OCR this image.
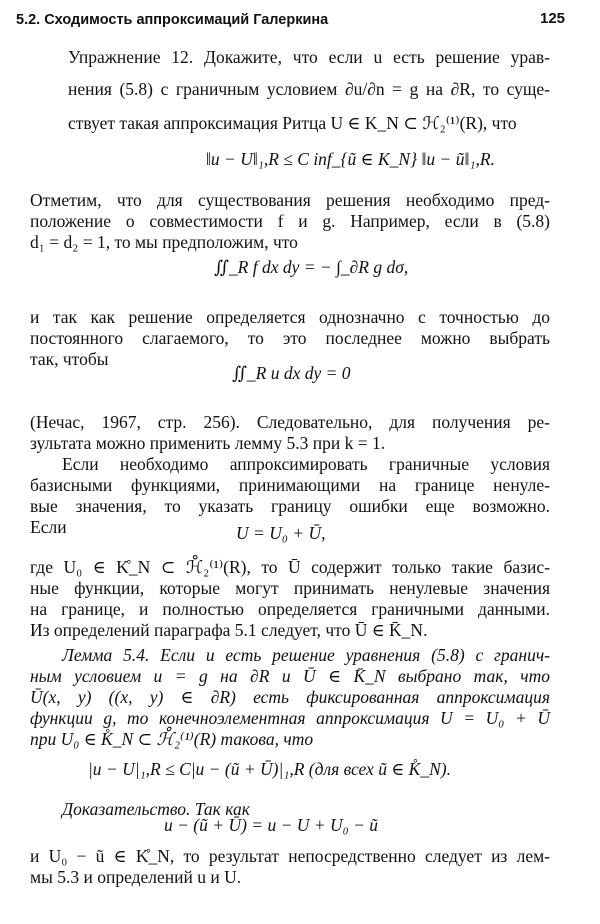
5.2. Сходимость аппроксимаций Галеркина	125
Упражнение 12. Докажите, что если u есть решение урав-
нения (5.8) с граничным условием ∂u/∂n = g на ∂R, то суще-
ствует такая аппроксимация Ритца U ∈ K_N ⊂ ℋ₂⁽¹⁾(R), что
‖u − U‖₁,R ≤ C inf_{ũ ∈ K_N} ‖u − ũ‖₁,R.
Отметим, что для существования решения необходимо пред-
положение о совместимости f и g. Например, если в (5.8)
d₁ = d₂ = 1, то мы предположим, что
∬_R f dx dy = − ∫_∂R g dσ,
и так как решение определяется однозначно с точностью до
постоянного слагаемого, то это последнее можно выбрать
так, чтобы
∬_R u dx dy = 0
(Нечас, 1967, стр. 256). Следовательно, для получения ре-
зультата можно применить лемму 5.3 при k = 1.
Если необходимо аппроксимировать граничные условия
базисными функциями, принимающими на границе ненуле-
вые значения, то указать границу ошибки еще возможно.
Если	U = U₀ + Ū,
где U₀ ∈ K̊_N ⊂ ℋ̊₂⁽¹⁾(R), то Ū содержит только такие базис-
ные функции, которые могут принимать ненулевые значения
на границе, и полностью определяется граничными данными.
Из определений параграфа 5.1 следует, что Ū ∈ K̄_N.
Лемма 5.4. Если u есть решение уравнения (5.8) с гранич-
ным условием u = g на ∂R и Ū ∈ K̄_N выбрано так, что
Ū(x, y) ((x, y) ∈ ∂R) есть фиксированная аппроксимация
функции g, то конечноэлементная аппроксимация U = U₀ + Ū
при U₀ ∈ K̊_N ⊂ ℋ̊₂⁽¹⁾(R) такова, что
|u − U|₁,R ≤ C|u − (ũ + Ū)|₁,R (для всех ũ ∈ K̊_N).
Доказательство. Так как
u − (ũ + Ū) = u − U + U₀ − ũ
и U₀ − ũ ∈ K̊_N, то результат непосредственно следует из лем-
мы 5.3 и определений u и U.
